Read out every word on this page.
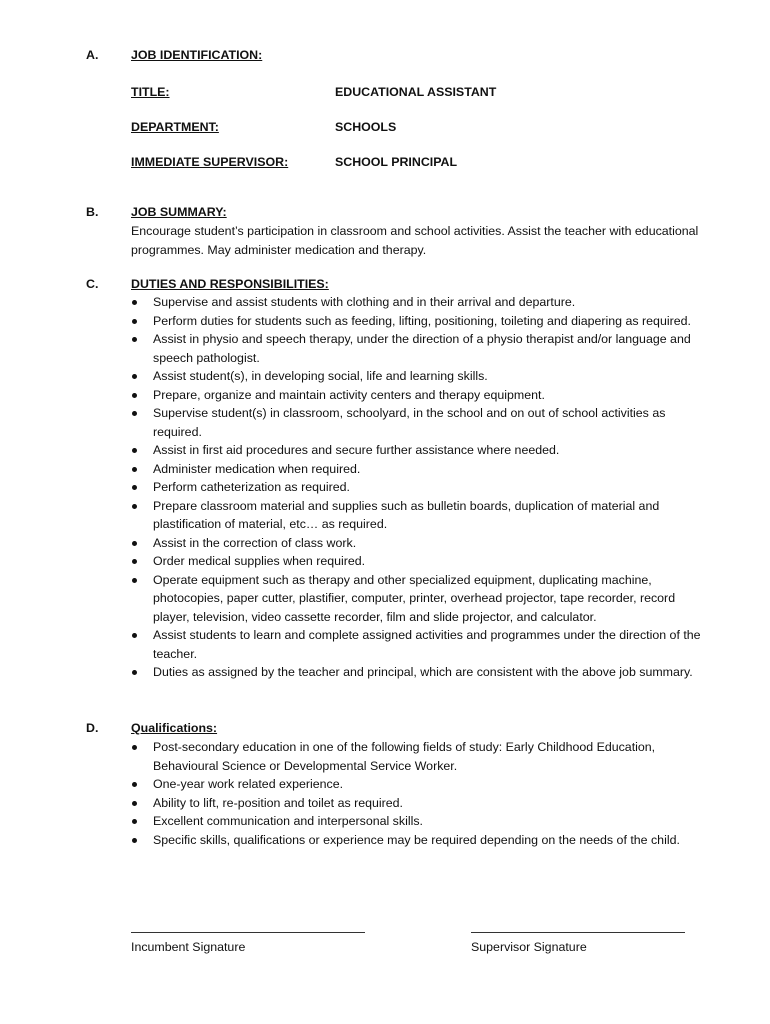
A.	JOB IDENTIFICATION:
TITLE:	EDUCATIONAL ASSISTANT
DEPARTMENT:	SCHOOLS
IMMEDIATE SUPERVISOR:	SCHOOL PRINCIPAL
B.	JOB SUMMARY:

Encourage student’s participation in classroom and school activities. Assist the teacher with educational programmes. May administer medication and therapy.

C.	DUTIES AND RESPONSIBILITIES:
Supervise and assist students with clothing and in their arrival and departure.
Perform duties for students such as feeding, lifting, positioning, toileting and diapering as required.
Assist in physio and speech therapy, under the direction of a physio therapist and/or language and speech pathologist.
Assist student(s), in developing social, life and learning skills.
Prepare, organize and maintain activity centers and therapy equipment.
Supervise student(s) in classroom, schoolyard, in the school and on out of school activities as required.
Assist in first aid procedures and secure further assistance where needed.
Administer medication when required.
Perform catheterization as required.
Prepare classroom material and supplies such as bulletin boards, duplication of material and plastification of material, etc… as required.
Assist in the correction of class work.
Order medical supplies when required.
Operate equipment such as therapy and other specialized equipment, duplicating machine, photocopies, paper cutter, plastifier, computer, printer, overhead projector, tape recorder, record player, television, video cassette recorder, film and slide projector, and calculator.
Assist students to learn and complete assigned activities and programmes under the direction of the teacher.
Duties as assigned by the teacher and principal, which are consistent with the above job summary.
D.	Qualifications:
Post-secondary education in one of the following fields of study: Early Childhood Education, Behavioural Science or Developmental Service Worker.
One-year work related experience.
Ability to lift, re-position and toilet as required.
Excellent communication and interpersonal skills.
Specific skills, qualifications or experience may be required depending on the needs of the child.
Incumbent Signature	Supervisor Signature
